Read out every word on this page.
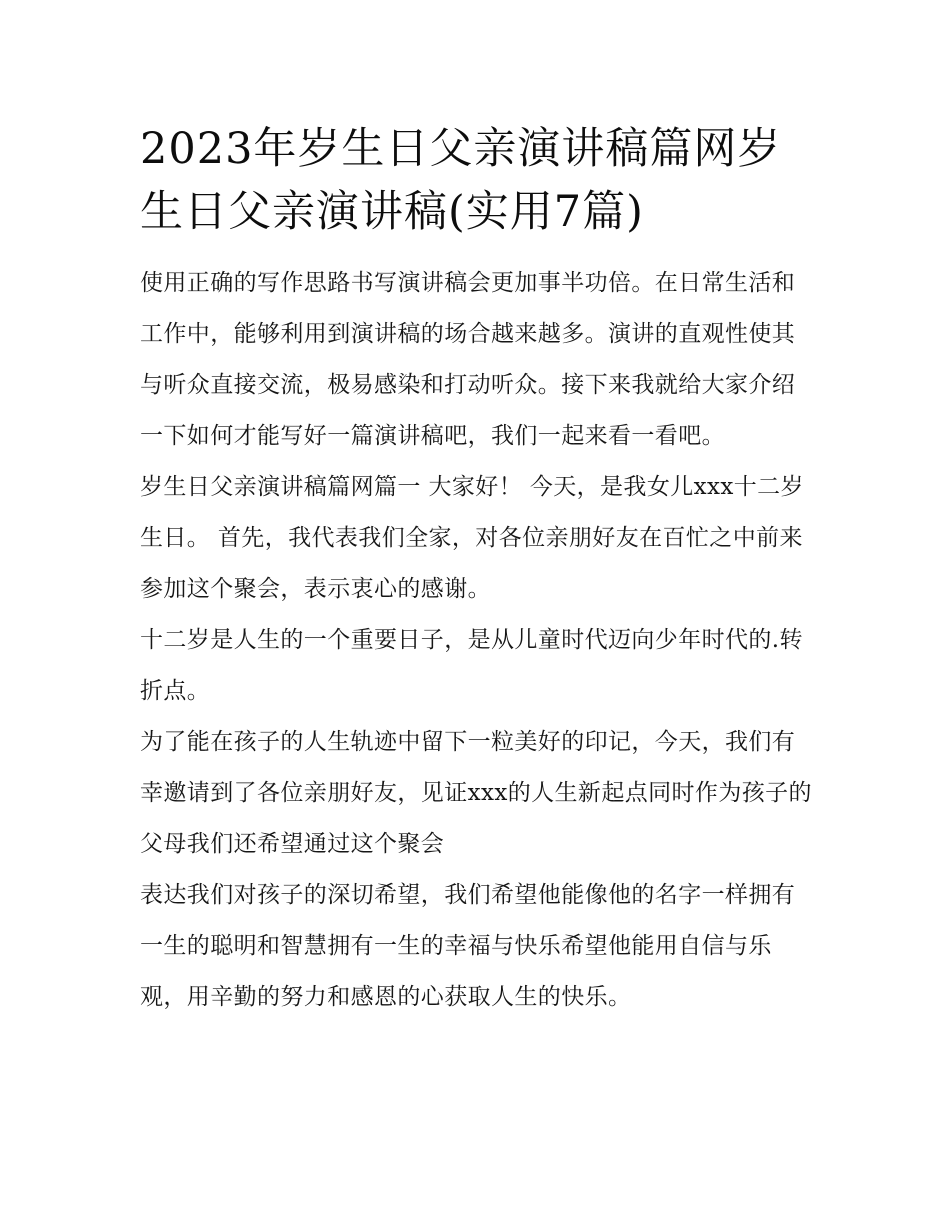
2023年岁生日父亲演讲稿篇网岁生日父亲演讲稿(实用7篇)

使用正确的写作思路书写演讲稿会更加事半功倍。在日常生活和工作中，能够利用到演讲稿的场合越来越多。演讲的直观性使其与听众直接交流，极易感染和打动听众。接下来我就给大家介绍一下如何才能写好一篇演讲稿吧，我们一起来看一看吧。

岁生日父亲演讲稿篇网篇一 大家好！ 今天，是我女儿xxx十二岁生日。 首先，我代表我们全家，对各位亲朋好友在百忙之中前来参加这个聚会，表示衷心的感谢。

十二岁是人生的一个重要日子，是从儿童时代迈向少年时代的.转折点。

为了能在孩子的人生轨迹中留下一粒美好的印记，今天，我们有幸邀请到了各位亲朋好友，见证xxx的人生新起点同时作为孩子的父母我们还希望通过这个聚会

表达我们对孩子的深切希望，我们希望他能像他的名字一样拥有一生的聪明和智慧拥有一生的幸福与快乐希望他能用自信与乐观，用辛勤的努力和感恩的心获取人生的快乐。
